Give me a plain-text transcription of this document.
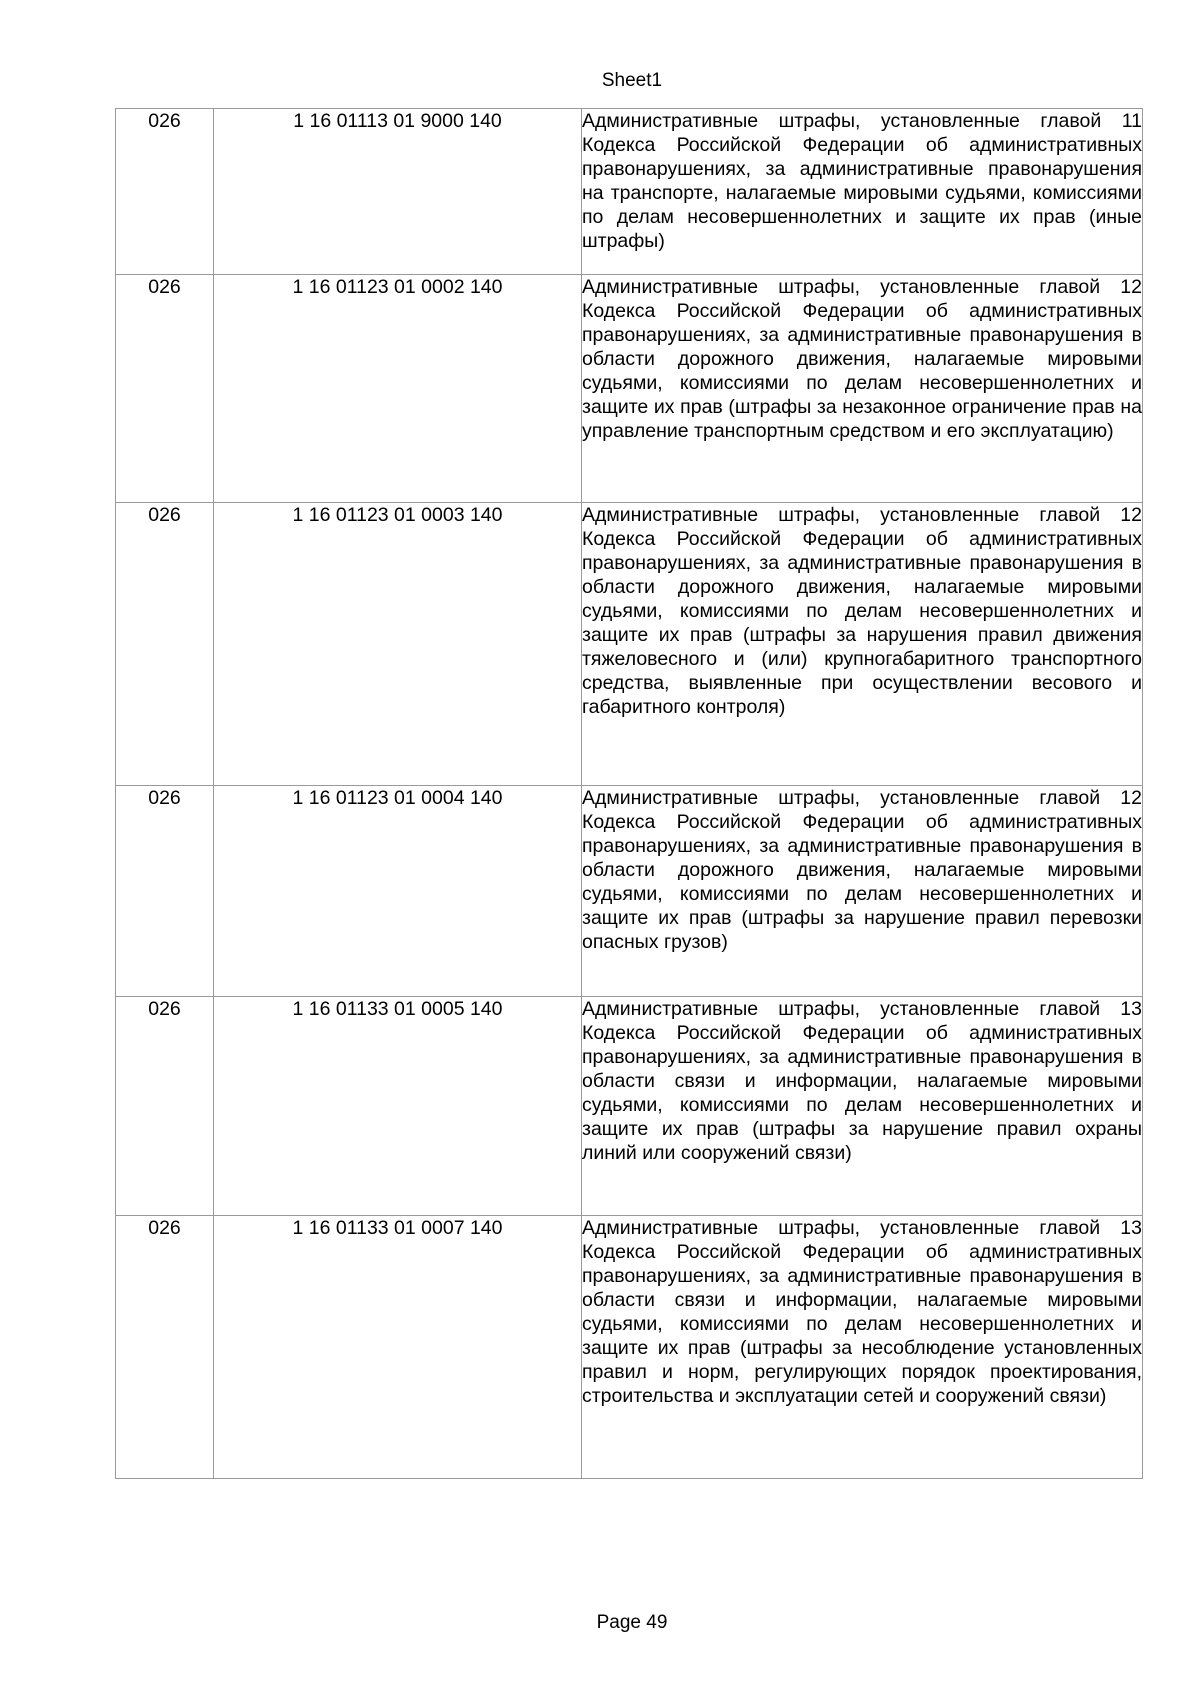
Sheet1
026	1 16 01113 01 9000 140	Административные штрафы, установленные главой 11 Кодекса Российской Федерации об административных правонарушениях, за административные правонарушения на транспорте, налагаемые мировыми судьями, комиссиями по делам несовершеннолетних и защите их прав (иные штрафы)
026	1 16 01123 01 0002 140	Административные штрафы, установленные главой 12 Кодекса Российской Федерации об административных правонарушениях, за административные правонарушения в области дорожного движения, налагаемые мировыми судьями, комиссиями по делам несовершеннолетних и защите их прав (штрафы за незаконное ограничение прав на управление транспортным средством и его эксплуатацию)
026	1 16 01123 01 0003 140	Административные штрафы, установленные главой 12 Кодекса Российской Федерации об административных правонарушениях, за административные правонарушения в области дорожного движения, налагаемые мировыми судьями, комиссиями по делам несовершеннолетних и защите их прав (штрафы за нарушения правил движения тяжеловесного и (или) крупногабаритного транспортного средства, выявленные при осуществлении весового и габаритного контроля)
026	1 16 01123 01 0004 140	Административные штрафы, установленные главой 12 Кодекса Российской Федерации об административных правонарушениях, за административные правонарушения в области дорожного движения, налагаемые мировыми судьями, комиссиями по делам несовершеннолетних и защите их прав (штрафы за нарушение правил перевозки опасных грузов)
026	1 16 01133 01 0005 140	Административные штрафы, установленные главой 13 Кодекса Российской Федерации об административных правонарушениях, за административные правонарушения в области связи и информации, налагаемые мировыми судьями, комиссиями по делам несовершеннолетних и защите их прав (штрафы за нарушение правил охраны линий или сооружений связи)
026	1 16 01133 01 0007 140	Административные штрафы, установленные главой 13 Кодекса Российской Федерации об административных правонарушениях, за административные правонарушения в области связи и информации, налагаемые мировыми судьями, комиссиями по делам несовершеннолетних и защите их прав (штрафы за несоблюдение установленных правил и норм, регулирующих порядок проектирования, строительства и эксплуатации сетей и сооружений связи)
Page 49
